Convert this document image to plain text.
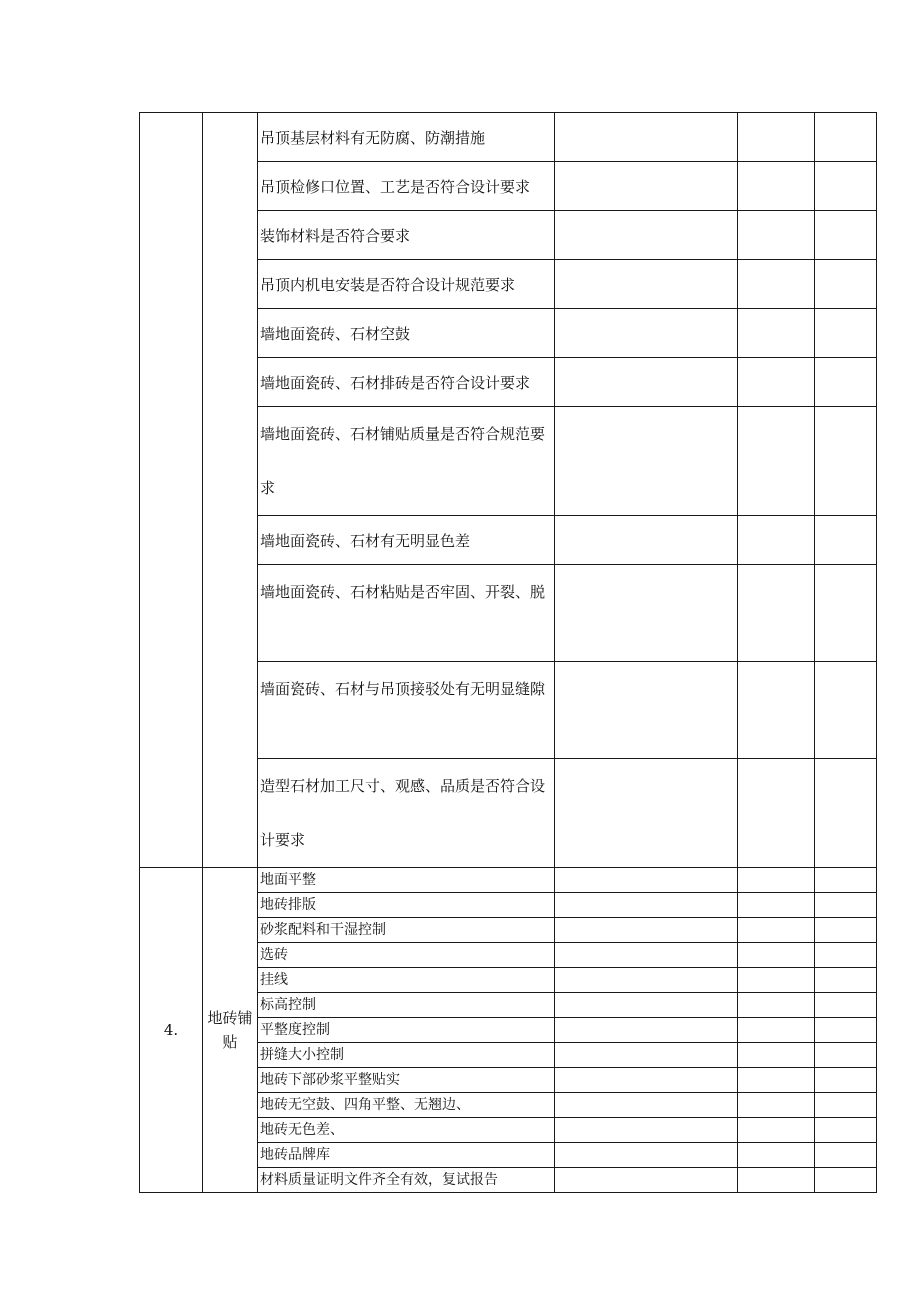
		吊顶基层材料有无防腐、防潮措施			
		吊顶检修口位置、工艺是否符合设计要求			
		装饰材料是否符合要求			
		吊顶内机电安装是否符合设计规范要求			
		墙地面瓷砖、石材空鼓			
		墙地面瓷砖、石材排砖是否符合设计要求			
		墙地面瓷砖、石材铺贴质量是否符合规范要求			
		墙地面瓷砖、石材有无明显色差			
		墙地面瓷砖、石材粘贴是否牢固、开裂、脱			
		墙面瓷砖、石材与吊顶接驳处有无明显缝隙			
		造型石材加工尺寸、观感、品质是否符合设计要求			
4.	地砖铺贴	地面平整			
		地砖排版			
		砂浆配料和干湿控制			
		选砖			
		挂线			
		标高控制			
		平整度控制			
		拼缝大小控制			
		地砖下部砂浆平整贴实			
		地砖无空鼓、四角平整、无翘边、			
		地砖无色差、			
		地砖品牌库			
		材料质量证明文件齐全有效，复试报告			
